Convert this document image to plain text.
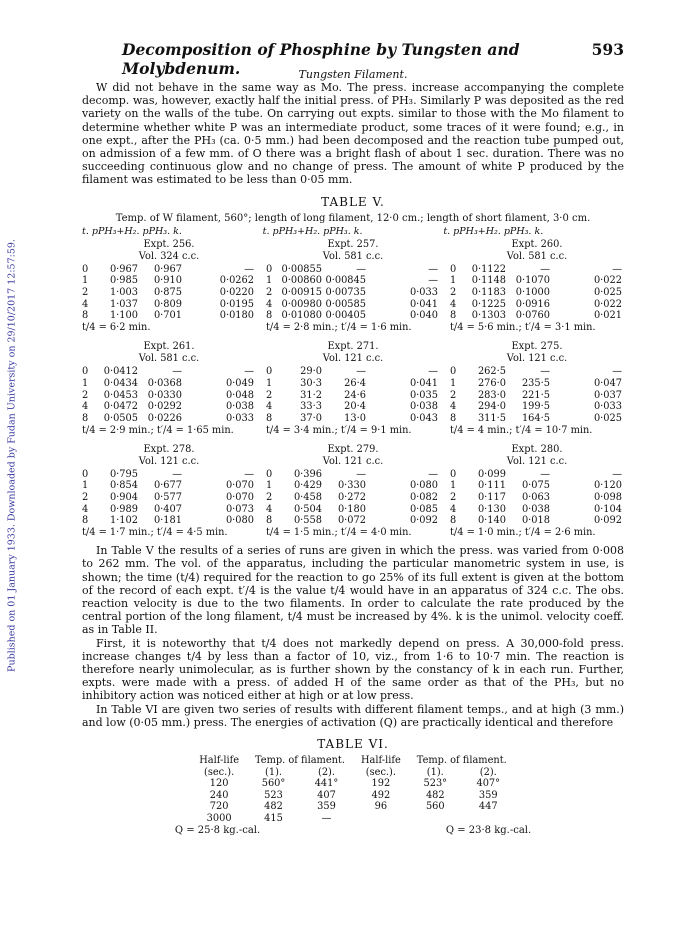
Published on 01 January 1933. Downloaded by Fudan University on 29/10/2017 12:57:59.
Decomposition of Phosphine by Tungsten and Molybdenum.
593
Tungsten Filament.

W did not behave in the same way as Mo. The press. increase accompanying the complete decomp. was, however, exactly half the initial press. of PH₃. Similarly P was deposited as the red variety on the walls of the tube. On carrying out expts. similar to those with the Mo filament to determine whether white P was an intermediate product, some traces of it were found; e.g., in one expt., after the PH₃ (ca. 0·5 mm.) had been decomposed and the reaction tube pumped out, on admission of a few mm. of O there was a bright flash of about 1 sec. duration. There was no succeeding continuous glow and no change of press. The amount of white P produced by the filament was estimated to be less than 0·05 mm.

TABLE V.
Temp. of W filament, 560°; length of long filament, 12·0 cm.; length of short filament, 3·0 cm.
t. pPH₃+H₂. pPH₃. k.	t. pPH₃+H₂. pPH₃. k.	t. pPH₃+H₂. pPH₃. k.
Expt. 256.
Vol. 324 c.c.
0	0·967	0·967	—
1	0·985	0·910	0·0262
2	1·003	0·875	0·0220
4	1·037	0·809	0·0195
8	1·100	0·701	0·0180
t/4 = 6·2 min.
Expt. 257.
Vol. 581 c.c.
0 0·00855	—	—
1 0·00860 0·00845	—
2 0·00915 0·00735	0·033
4 0·00980 0·00585	0·041
8 0·01080 0·00405	0·040
t/4 = 2·8 min.; t′/4 = 1·6 min.
Expt. 260.
Vol. 581 c.c.
0	0·1122	—	—
1	0·1148 0·1070	0·022
2	0·1183 0·1000	0·025
4	0·1225 0·0916	0·022
8	0·1303 0·0760	0·021
t/4 = 5·6 min.; t′/4 = 3·1 min.
Expt. 261.
Vol. 581 c.c.
0	0·0412	—	—
1	0·0434 0·0368	0·049
2	0·0453 0·0330	0·048
4	0·0472 0·0292	0·038
8	0·0505 0·0226	0·033
t/4 = 2·9 min.; t′/4 = 1·65 min.
Expt. 271.
Vol. 121 c.c.
0	29·0	—	—
1	30·3	26·4	0·041
2	31·2	24·6	0·035
4	33·3	20·4	0·038
8	37·0	13·0	0·043
t/4 = 3·4 min.; t′/4 = 9·1 min.
Expt. 275.
Vol. 121 c.c.
0	262·5	—	—
1	276·0	235·5	0·047
2	283·0	221·5	0·037
4	294·0	199·5	0·033
8	311·5	164·5	0·025
t/4 = 4 min.; t′/4 = 10·7 min.
Expt. 278.
Vol. 121 c.c.
0	0·795	—	—
1	0·854	0·677	0·070
2	0·904	0·577	0·070
4	0·989	0·407	0·073
8	1·102	0·181	0·080
t/4 = 1·7 min.; t′/4 = 4·5 min.
Expt. 279.
Vol. 121 c.c.
0	0·396	—	—
1	0·429	0·330	0·080
2	0·458	0·272	0·082
4	0·504	0·180	0·085
8	0·558	0·072	0·092
t/4 = 1·5 min.; t′/4 = 4·0 min.
Expt. 280.
Vol. 121 c.c.
0	0·099	—	—
1	0·111	0·075	0·120
2	0·117	0·063	0·098
4	0·130	0·038	0·104
8	0·140	0·018	0·092
t/4 = 1·0 min.; t′/4 = 2·6 min.

In Table V the results of a series of runs are given in which the press. was varied from 0·008 to 262 mm. The vol. of the apparatus, including the particular manometric system in use, is shown; the time (t/4) required for the reaction to go 25% of its full extent is given at the bottom of the record of each expt. t′/4 is the value t/4 would have in an apparatus of 324 c.c. The obs. reaction velocity is due to the two filaments. In order to calculate the rate produced by the central portion of the long filament, t/4 must be increased by 4%. k is the unimol. velocity coeff. as in Table II.

First, it is noteworthy that t/4 does not markedly depend on press. A 30,000-fold press. increase changes t/4 by less than a factor of 10, viz., from 1·6 to 10·7 min. The reaction is therefore nearly unimolecular, as is further shown by the constancy of k in each run. Further, expts. were made with a press. of added H of the same order as that of the PH₃, but no inhibitory action was noticed either at high or at low press.

In Table VI are given two series of results with different filament temps., and at high (3 mm.) and low (0·05 mm.) press. The energies of activation (Q) are practically identical and therefore

TABLE VI.
Half-life	Temp. of filament.		Half-life	Temp. of filament.	
(sec.).	(1).	(2).	(sec.).	(1).	(2).
120	560°	441°	192	523°	407°
240	523	407	492	482	359
720	482	359	96	560	447
3000	415	—			
Q = 25·8 kg.-cal.	Q = 23·8 kg.-cal.
